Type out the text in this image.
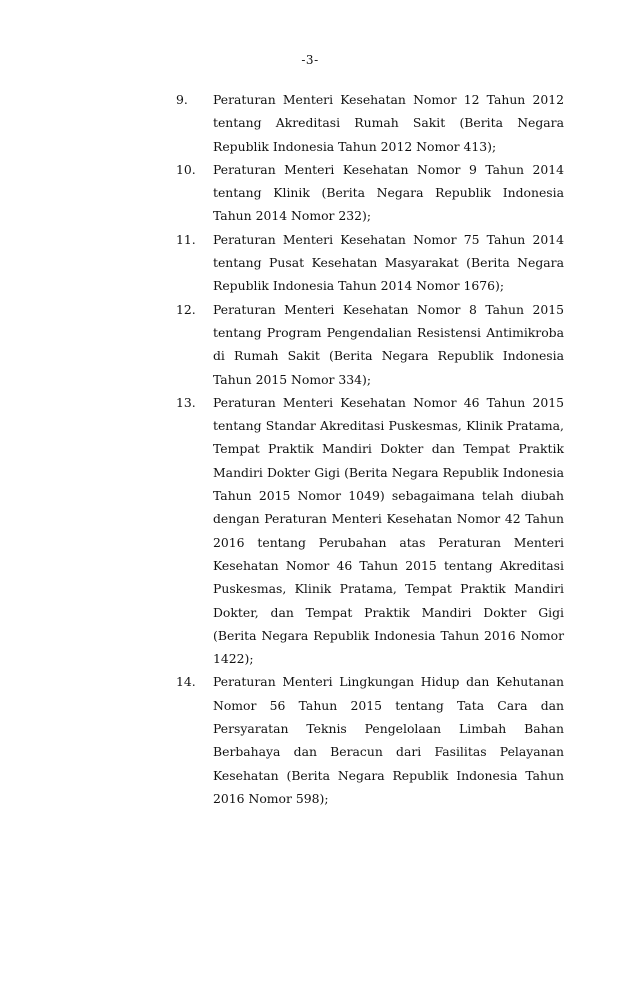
-3-
9.	Peraturan Menteri Kesehatan Nomor 12 Tahun 2012 tentang Akreditasi Rumah Sakit (Berita Negara Republik Indonesia Tahun 2012 Nomor 413);
10.	Peraturan Menteri Kesehatan Nomor 9 Tahun 2014 tentang Klinik (Berita Negara Republik Indonesia Tahun 2014 Nomor 232);
11.	Peraturan Menteri Kesehatan Nomor 75 Tahun 2014 tentang Pusat Kesehatan Masyarakat (Berita Negara Republik Indonesia Tahun 2014 Nomor 1676);
12.	Peraturan Menteri Kesehatan Nomor 8 Tahun 2015 tentang Program Pengendalian Resistensi Antimikroba di Rumah Sakit (Berita Negara Republik Indonesia Tahun 2015 Nomor 334);
13.	Peraturan Menteri Kesehatan Nomor 46 Tahun 2015 tentang Standar Akreditasi Puskesmas, Klinik Pratama, Tempat Praktik Mandiri Dokter dan Tempat Praktik Mandiri Dokter Gigi (Berita Negara Republik Indonesia Tahun 2015 Nomor 1049) sebagaimana telah diubah dengan Peraturan Menteri Kesehatan Nomor 42 Tahun 2016 tentang Perubahan atas Peraturan Menteri Kesehatan Nomor 46 Tahun 2015 tentang Akreditasi Puskesmas, Klinik Pratama, Tempat Praktik Mandiri Dokter, dan Tempat Praktik Mandiri Dokter Gigi (Berita Negara Republik Indonesia Tahun 2016 Nomor 1422);
14.	Peraturan Menteri Lingkungan Hidup dan Kehutanan Nomor 56 Tahun 2015 tentang Tata Cara dan Persyaratan Teknis Pengelolaan Limbah Bahan Berbahaya dan Beracun dari Fasilitas Pelayanan Kesehatan (Berita Negara Republik Indonesia Tahun 2016 Nomor 598);
